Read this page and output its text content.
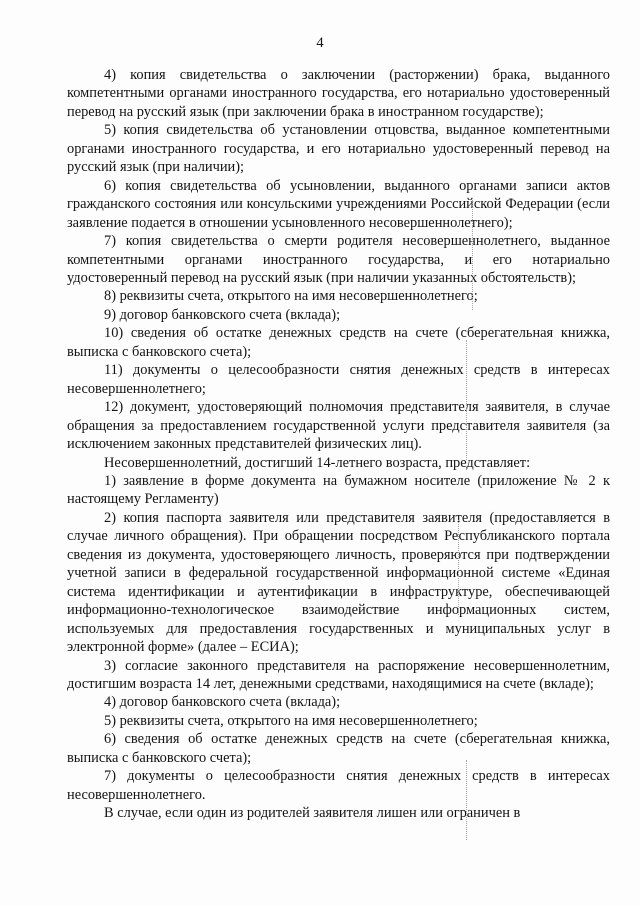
4

4) копия свидетельства о заключении (расторжении) брака, выданного компетентными органами иностранного государства, его нотариально удостоверенный перевод на русский язык (при заключении брака в иностранном государстве);

5) копия свидетельства об установлении отцовства, выданное компетентными органами иностранного государства, и его нотариально удостоверенный перевод на русский язык (при наличии);

6) копия свидетельства об усыновлении, выданного органами записи актов гражданского состояния или консульскими учреждениями Российской Федерации (если заявление подается в отношении усыновленного несовершеннолетнего);

7) копия свидетельства о смерти родителя несовершеннолетнего, выданное компетентными органами иностранного государства, и его нотариально удостоверенный перевод на русский язык (при наличии указанных обстоятельств);

8) реквизиты счета, открытого на имя несовершеннолетнего;

9) договор банковского счета (вклада);

10) сведения об остатке денежных средств на счете (сберегательная книжка, выписка с банковского счета);

11) документы о целесообразности снятия денежных средств в интересах несовершеннолетнего;

12) документ, удостоверяющий полномочия представителя заявителя, в случае обращения за предоставлением государственной услуги представителя заявителя (за исключением законных представителей физических лиц).

Несовершеннолетний, достигший 14-летнего возраста, представляет:

1) заявление в форме документа на бумажном носителе (приложение № 2 к настоящему Регламенту)

2) копия паспорта заявителя или представителя заявителя (предоставляется в случае личного обращения). При обращении посредством Республиканского портала сведения из документа, удостоверяющего личность, проверяются при подтверждении учетной записи в федеральной государственной информационной системе «Единая система идентификации и аутентификации в инфраструктуре, обеспечивающей информационно-технологическое взаимодействие информационных систем, используемых для предоставления государственных и муниципальных услуг в электронной форме» (далее – ЕСИА);

3) согласие законного представителя на распоряжение несовершеннолетним, достигшим возраста 14 лет, денежными средствами, находящимися на счете (вкладе);

4) договор банковского счета (вклада);

5) реквизиты счета, открытого на имя несовершеннолетнего;

6) сведения об остатке денежных средств на счете (сберегательная книжка, выписка с банковского счета);

7) документы о целесообразности снятия денежных средств в интересах несовершеннолетнего.

В случае, если один из родителей заявителя лишен или ограничен в
